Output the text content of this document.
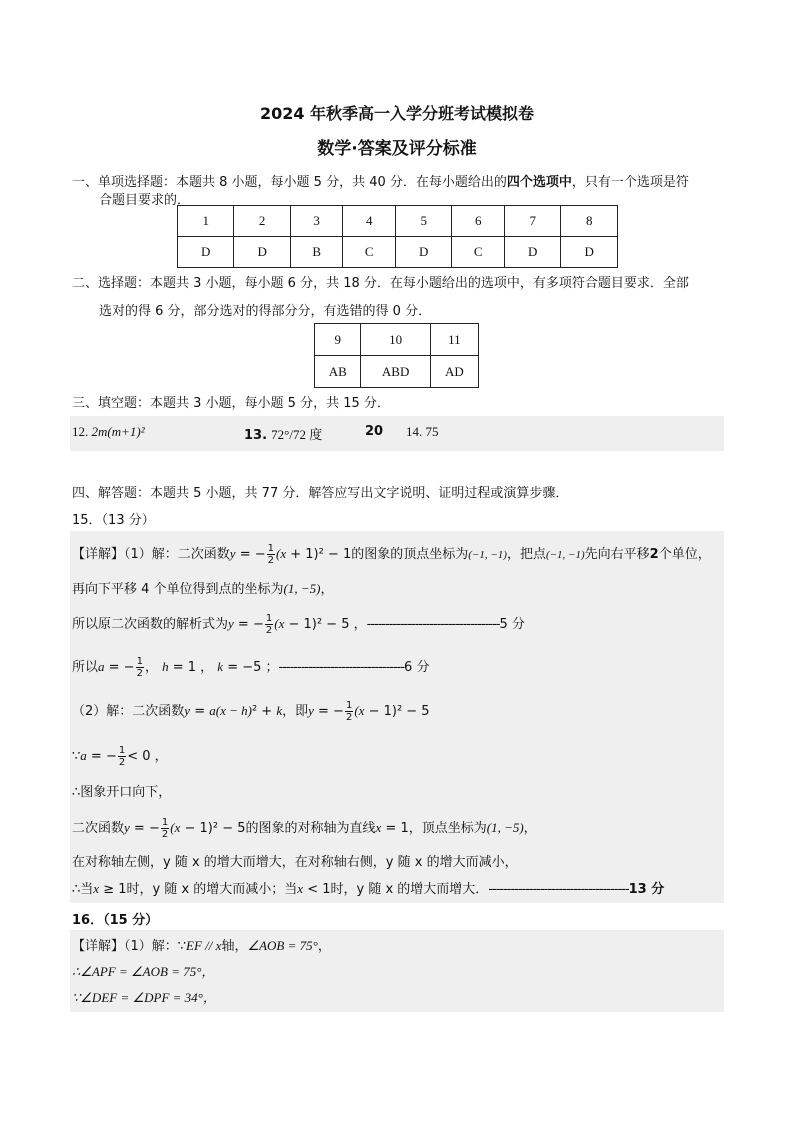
2024 年秋季高一入学分班考试模拟卷
数学·答案及评分标准
一、单项选择题：本题共 8 小题，每小题 5 分，共 40 分．在每小题给出的四个选项中，只有一个选项是符
合题目要求的．
1	2	3	4	5	6	7	8
D	D	B	C	D	C	D	D
二、选择题：本题共 3 小题，每小题 6 分，共 18 分．在每小题给出的选项中，有多项符合题目要求．全部
选对的得 6 分，部分选对的得部分分，有选错的得 0 分．
9	10	11
AB	ABD	AD
三、填空题：本题共 3 小题，每小题 5 分，共 15 分．
12. 2m(m+1)²	13. 72°/72 度	20 14. 75
四、解答题：本题共 5 小题，共 77 分．解答应写出文字说明、证明过程或演算步骤．
15．（13 分）
【详解】（1）解：二次函数y = − $\frac{1}{2} (x + 1)^2 - 1$的图象的顶点坐标为(−1, −1)，把点(−1, −1)先向右平移2个单位，
再向下平移 4 个单位得到点的坐标为(1, −5)，
所以原二次函数的解析式为y = − $\frac{1}{2} (x - 1)^2 - 5$ ，------------------------------------5 分
所以a = − $\frac{1}{2}$ ， h = 1 ， k = −5 ；----------------------------------6 分
（2）解：二次函数y = a(x − h)² + k，即y = − $\frac{1}{2} (x - 1)^2 - 5$
∵a = − $\frac{1}{2} < 0$ ，
∴图象开口向下，
二次函数y = − $\frac{1}{2} (x - 1)^2 - 5$的图象的对称轴为直线x = 1，顶点坐标为(1, −5)，
在对称轴左侧，y 随 x 的增大而增大，在对称轴右侧，y 随 x 的增大而减小，
∴当x ≥ 1时，y 随 x 的增大而减小；当x < 1时，y 随 x 的增大而增大．--------------------------------------13 分
16．（15 分）
【详解】（1）解：∵EF // x轴，∠AOB = 75°，
∴∠APF = ∠AOB = 75°，
∵∠DEF = ∠DPF = 34°，
